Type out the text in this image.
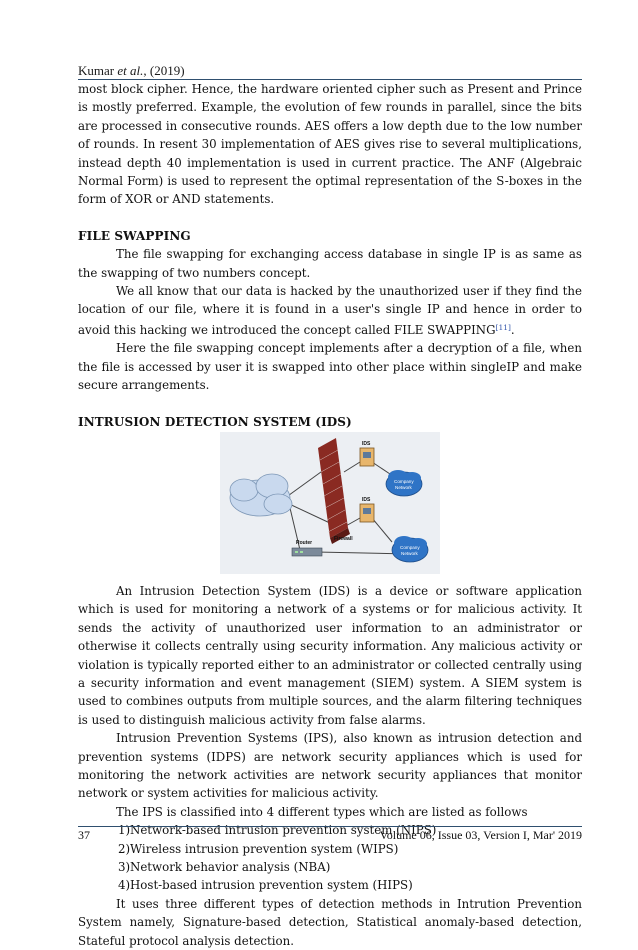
Kumar et al., (2019)

most block cipher. Hence, the hardware oriented cipher such as Present and Prince is mostly preferred. Example, the evolution of few rounds in parallel, since the bits are processed in consecutive rounds. AES offers a low depth due to the low number of rounds. In resent 30 implementation of AES gives rise to several multiplications, instead depth 40 implementation is used in current practice. The ANF (Algebraic Normal Form) is used to represent the optimal representation of the S-boxes in the form of XOR or AND statements.

FILE SWAPPING

The file swapping for exchanging access database in single IP is as same as the swapping of two numbers concept.

We all know that our data is hacked by the unauthorized user if they find the location of our file, where it is found in a user's single IP and hence in order to avoid this hacking we introduced the concept called FILE SWAPPING[11].

Here the file swapping concept implements after a decryption of a file, when the file is accessed by user it is swapped into other place within singleIP and make secure arrangements.

INTRUSION DETECTION SYSTEM (IDS)
Firewall
IDS
IDS
Company
Network
Company
Network
Router

An Intrusion Detection System (IDS) is a device or software application which is used for monitoring a network of a systems or for malicious activity. It sends the activity of unauthorized user information to an administrator or otherwise it collects centrally using security information. Any malicious activity or violation is typically reported either to an administrator or collected centrally using a security information and event management (SIEM) system. A SIEM system is used to combines outputs from multiple sources, and the alarm filtering techniques is used to distinguish malicious activity from false alarms.

Intrusion Prevention Systems (IPS), also known as intrusion detection and prevention systems (IDPS) are network security appliances which is used for monitoring the network activities are network security appliances that monitor network or system activities for malicious activity.

The IPS is classified into 4 different types which are listed as follows

1) Network-based intrusion prevention system (NIPS)
2) Wireless intrusion prevention system (WIPS)
3) Network behavior analysis (NBA)
4) Host-based intrusion prevention system (HIPS)

It uses three different types of detection methods in Intrution Prevention System namely, Signature-based detection, Statistical anomaly-based detection, Stateful protocol analysis detection.

37	Volume 06, Issue 03, Version I, Mar' 2019
